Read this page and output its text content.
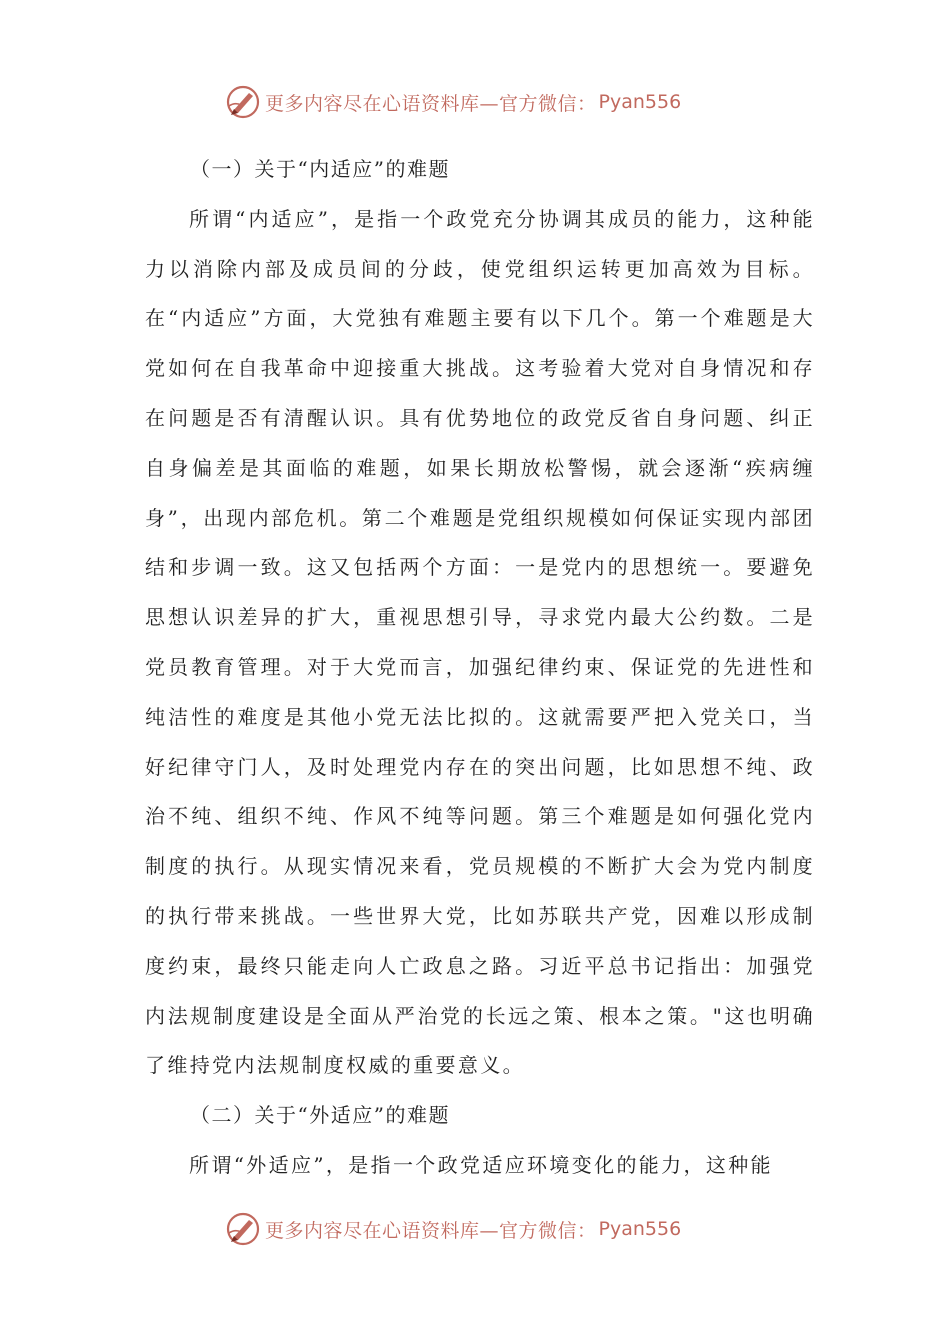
更多内容尽在心语资料库—官方微信： Pyan556

（一）关于“内适应”的难题

所谓“内适应”，是指一个政党充分协调其成员的能力，这种能力以消除内部及成员间的分歧，使党组织运转更加高效为目标。在“内适应”方面，大党独有难题主要有以下几个。第一个难题是大党如何在自我革命中迎接重大挑战。这考验着大党对自身情况和存在问题是否有清醒认识。具有优势地位的政党反省自身问题、纠正自身偏差是其面临的难题，如果长期放松警惕，就会逐渐“疾病缠身”，出现内部危机。第二个难题是党组织规模如何保证实现内部团结和步调一致。这又包括两个方面：一是党内的思想统一。要避免思想认识差异的扩大，重视思想引导，寻求党内最大公约数。二是党员教育管理。对于大党而言，加强纪律约束、保证党的先进性和纯洁性的难度是其他小党无法比拟的。这就需要严把入党关口，当好纪律守门人，及时处理党内存在的突出问题，比如思想不纯、政治不纯、组织不纯、作风不纯等问题。第三个难题是如何强化党内制度的执行。从现实情况来看，党员规模的不断扩大会为党内制度的执行带来挑战。一些世界大党，比如苏联共产党，因难以形成制度约束，最终只能走向人亡政息之路。习近平总书记指出：加强党内法规制度建设是全面从严治党的长远之策、根本之策。"这也明确了维持党内法规制度权威的重要意义。

（二）关于“外适应”的难题

所谓“外适应”，是指一个政党适应环境变化的能力，这种能

更多内容尽在心语资料库—官方微信： Pyan556
